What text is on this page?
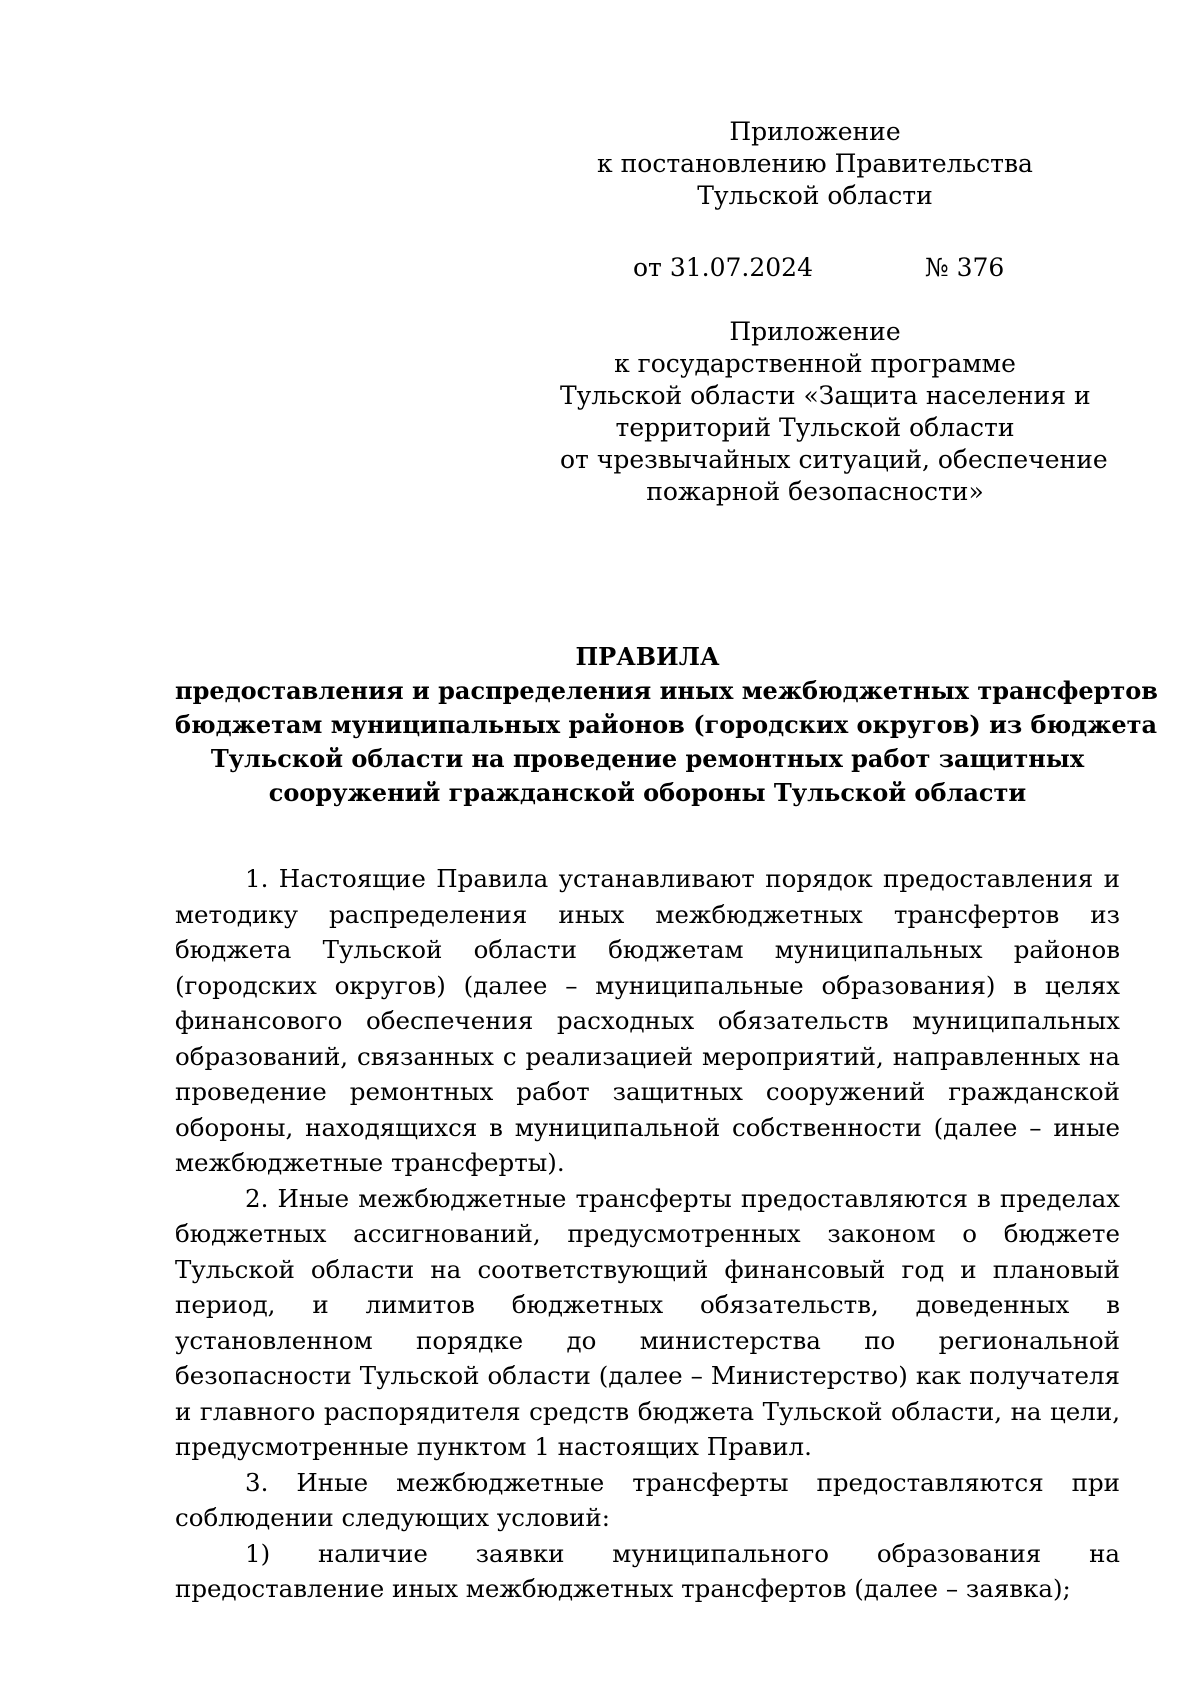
Приложение
к постановлению Правительства
Тульской области
от 31.07.2024	№ 376
Приложение
к государственной программе
Тульской области «Защита населения и
территорий Тульской области
от чрезвычайных ситуаций, обеспечение
пожарной безопасности»
ПРАВИЛА
предоставления и распределения иных межбюджетных трансфертов
бюджетам муниципальных районов (городских округов) из бюджета
Тульской области на проведение ремонтных работ защитных
сооружений гражданской обороны Тульской области

1. Настоящие Правила устанавливают порядок предоставления и методику распределения иных межбюджетных трансфертов из бюджета Тульской области бюджетам муниципальных районов (городских округов) (далее – муниципальные образования) в целях финансового обеспечения расходных обязательств муниципальных образований, связанных с реализацией мероприятий, направленных на проведение ремонтных работ защитных сооружений гражданской обороны, находящихся в муниципальной собственности (далее – иные межбюджетные трансферты).

2. Иные межбюджетные трансферты предоставляются в пределах бюджетных ассигнований, предусмотренных законом о бюджете Тульской области на соответствующий финансовый год и плановый период, и лимитов бюджетных обязательств, доведенных в установленном порядке до министерства по региональной безопасности Тульской области (далее – Министерство) как получателя и главного распорядителя средств бюджета Тульской области, на цели, предусмотренные пунктом 1 настоящих Правил.

3. Иные межбюджетные трансферты предоставляются при соблюдении следующих условий:

1) наличие заявки муниципального образования на предоставление иных межбюджетных трансфертов (далее – заявка);
